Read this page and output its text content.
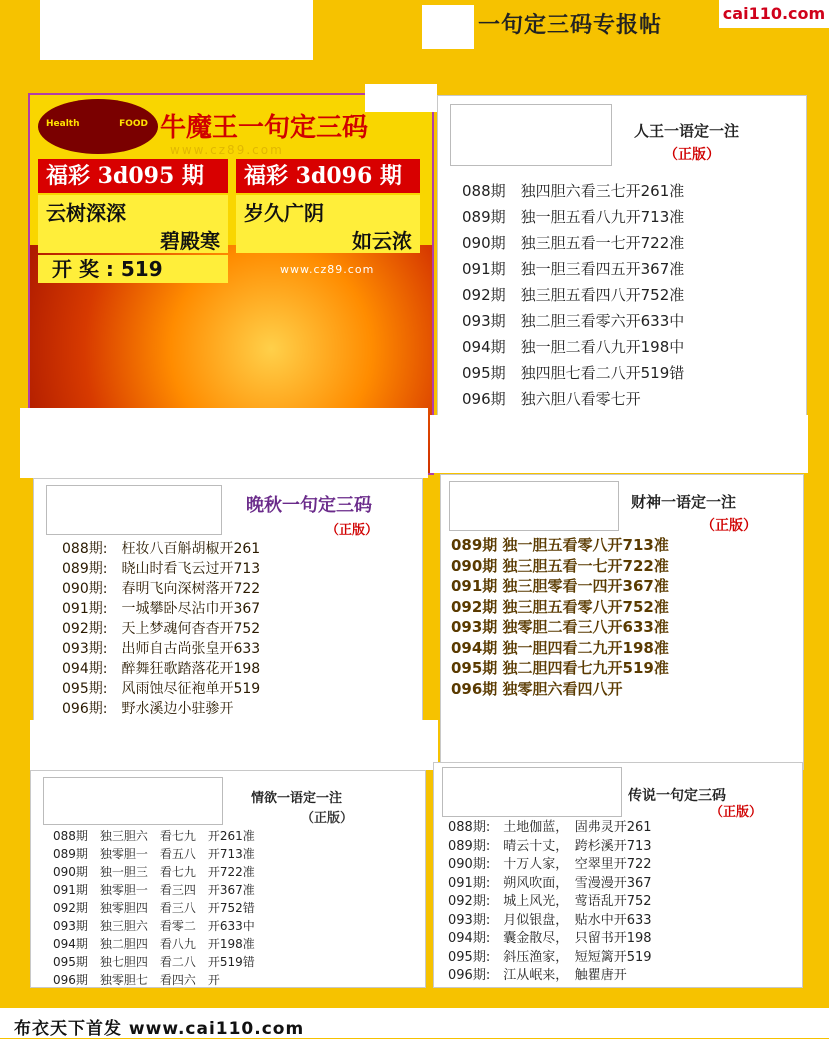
一句定三码专报帖	cai110.com
Health	FOOD 牛魔王一句定三码
www.cz89.com
福彩 3d095 期	福彩 3d096 期
云树深深
碧殿寒
岁久广阴
如云浓
开 奖 : 519	www.cz89.com
人王一语定一注
（正版）
088期　独四胆六看三七开261准
089期　独一胆五看八九开713准
090期　独三胆五看一七开722准
091期　独一胆三看四五开367准
092期　独三胆五看四八开752准
093期　独二胆三看零六开633中
094期　独一胆二看八九开198中
095期　独四胆七看二八开519错
096期　独六胆八看零七开
晚秋一句定三码
（正版）
088期:　枉妆八百斛胡椒开261
089期:　晓山时看飞云过开713
090期:　春明飞向深树落开722
091期:　一城攀卧尽沾巾开367
092期:　天上梦魂何杳杳开752
093期:　出师自古尚张皇开633
094期:　醉舞狂歌踏落花开198
095期:　风雨蚀尽征袍单开519
096期:　野水溪边小驻骖开
财神一语定一注
（正版）
089期 独一胆五看零八开713准
090期 独三胆五看一七开722准
091期 独三胆零看一四开367准
092期 独三胆五看零八开752准
093期 独零胆二看三八开633准
094期 独一胆四看二九开198准
095期 独二胆四看七九开519准
096期 独零胆六看四八开
情欲一语定一注
（正版）
088期　独三胆六　看七九　开261准
089期　独零胆一　看五八　开713准
090期　独一胆三　看七九　开722准
091期　独零胆一　看三四　开367准
092期　独零胆四　看三八　开752错
093期　独三胆六　看零二　开633中
094期　独二胆四　看八九　开198准
095期　独七胆四　看二八　开519错
096期　独零胆七　看四六　开
传说一句定三码
（正版）
088期:　土地伽蓝，　固弗灵开261
089期:　晴云十丈，　跨杉溪开713
090期:　十万人家，　空翠里开722
091期:　朔风吹面，　雪漫漫开367
092期:　城上风光，　莺语乱开752
093期:　月似银盘，　贴水中开633
094期:　囊金散尽，　只留书开198
095期:　斜压渔家，　短短篱开519
096期:　江从岷来，　触瞿唐开
布衣天下首发 www.cai110.com
